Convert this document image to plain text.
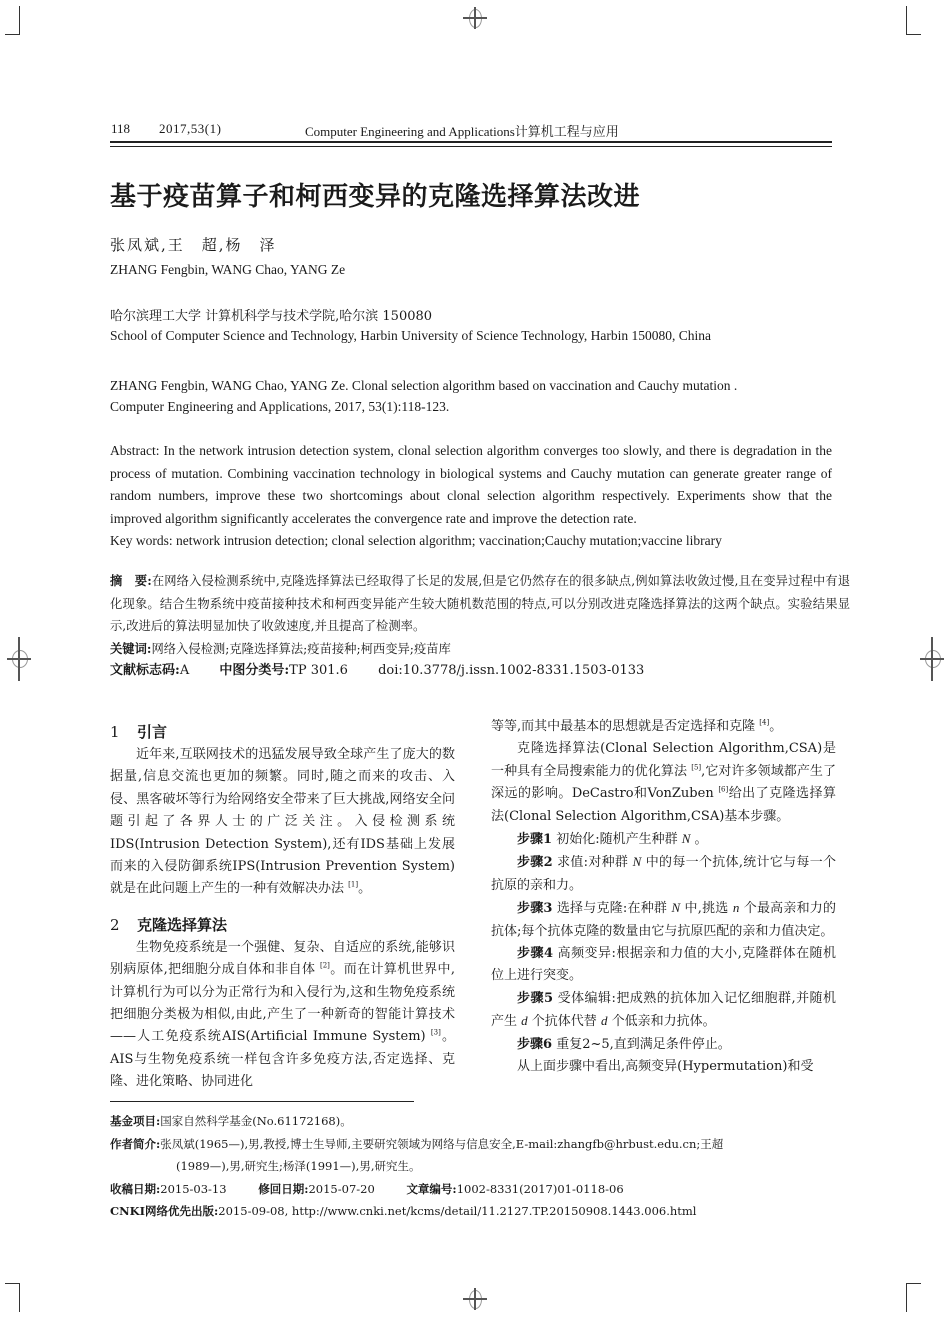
118 2017,53(1)	Computer Engineering and Applications计算机工程与应用
基于疫苗算子和柯西变异的克隆选择算法改进
张凤斌,王　超,杨　泽
ZHANG Fengbin, WANG Chao, YANG Ze
哈尔滨理工大学 计算机科学与技术学院,哈尔滨 150080
School of Computer Science and Technology, Harbin University of Science Technology, Harbin 150080, China
ZHANG Fengbin, WANG Chao, YANG Ze. Clonal selection algorithm based on vaccination and Cauchy mutation .
Computer Engineering and Applications, 2017, 53(1):118-123.
Abstract: In the network intrusion detection system, clonal selection algorithm converges too slowly, and there is degradation in the process of mutation. Combining vaccination technology in biological systems and Cauchy mutation can generate greater range of random numbers, improve these two shortcomings about clonal selection algorithm respectively. Experiments show that the improved algorithm significantly accelerates the convergence rate and improve the detection rate.
Key words: network intrusion detection; clonal selection algorithm; vaccination;Cauchy mutation;vaccine library
摘　要:在网络入侵检测系统中,克隆选择算法已经取得了长足的发展,但是它仍然存在的很多缺点,例如算法收敛过慢,且在变异过程中有退化现象。结合生物系统中疫苗接种技术和柯西变异能产生较大随机数范围的特点,可以分别改进克隆选择算法的这两个缺点。实验结果显示,改进后的算法明显加快了收敛速度,并且提高了检测率。
关键词:网络入侵检测;克隆选择算法;疫苗接种;柯西变异;疫苗库
文献标志码:A 中图分类号:TP 301.6 doi:10.3778/j.issn.1002-8331.1503-0133
1 引言

近年来,互联网技术的迅猛发展导致全球产生了庞大的数据量,信息交流也更加的频繁。同时,随之而来的攻击、入侵、黑客破坏等行为给网络安全带来了巨大挑战,网络安全问题引起了各界人士的广泛关注。入侵检测系统IDS(Intrusion Detection System),还有IDS基础上发展而来的入侵防御系统IPS(Intrusion Prevention System)就是在此问题上产生的一种有效解决办法 [1]。

2 克隆选择算法

生物免疫系统是一个强健、复杂、自适应的系统,能够识别病原体,把细胞分成自体和非自体 [2]。而在计算机世界中,计算机行为可以分为正常行为和入侵行为,这和生物免疫系统把细胞分类极为相似,由此,产生了一种新奇的智能计算技术 ——人工免疫系统AIS(Artificial Immune System) [3]。AIS与生物免疫系统一样包含许多免疫方法,否定选择、克隆、进化策略、协同进化

等等,而其中最基本的思想就是否定选择和克隆 [4]。

克隆选择算法(Clonal Selection Algorithm,CSA)是一种具有全局搜索能力的优化算法 [5],它对许多领域都产生了深远的影响。DeCastro和VonZuben [6]给出了克隆选择算法(Clonal Selection Algorithm,CSA)基本步骤。

步骤1 初始化:随机产生种群 N 。

步骤2 求值:对种群 N 中的每一个抗体,统计它与每一个抗原的亲和力。

步骤3 选择与克隆:在种群 N 中,挑选 n 个最高亲和力的抗体;每个抗体克隆的数量由它与抗原匹配的亲和力值决定。

步骤4 高频变异:根据亲和力值的大小,克隆群体在随机位上进行突变。

步骤5 受体编辑:把成熟的抗体加入记忆细胞群,并随机产生 d 个抗体代替 d 个低亲和力抗体。

步骤6 重复2~5,直到满足条件停止。

从上面步骤中看出,高频变异(Hypermutation)和受

基金项目:国家自然科学基金(No.61172168)。
作者简介:张凤斌(1965—),男,教授,博士生导师,主要研究领域为网络与信息安全,E-mail:zhangfb@hrbust.edu.cn;王超
(1989—),男,研究生;杨泽(1991—),男,研究生。
收稿日期:2015-03-13	修回日期:2015-07-20	文章编号:1002-8331(2017)01-0118-06
CNKI网络优先出版:2015-09-08, http://www.cnki.net/kcms/detail/11.2127.TP.20150908.1443.006.html
